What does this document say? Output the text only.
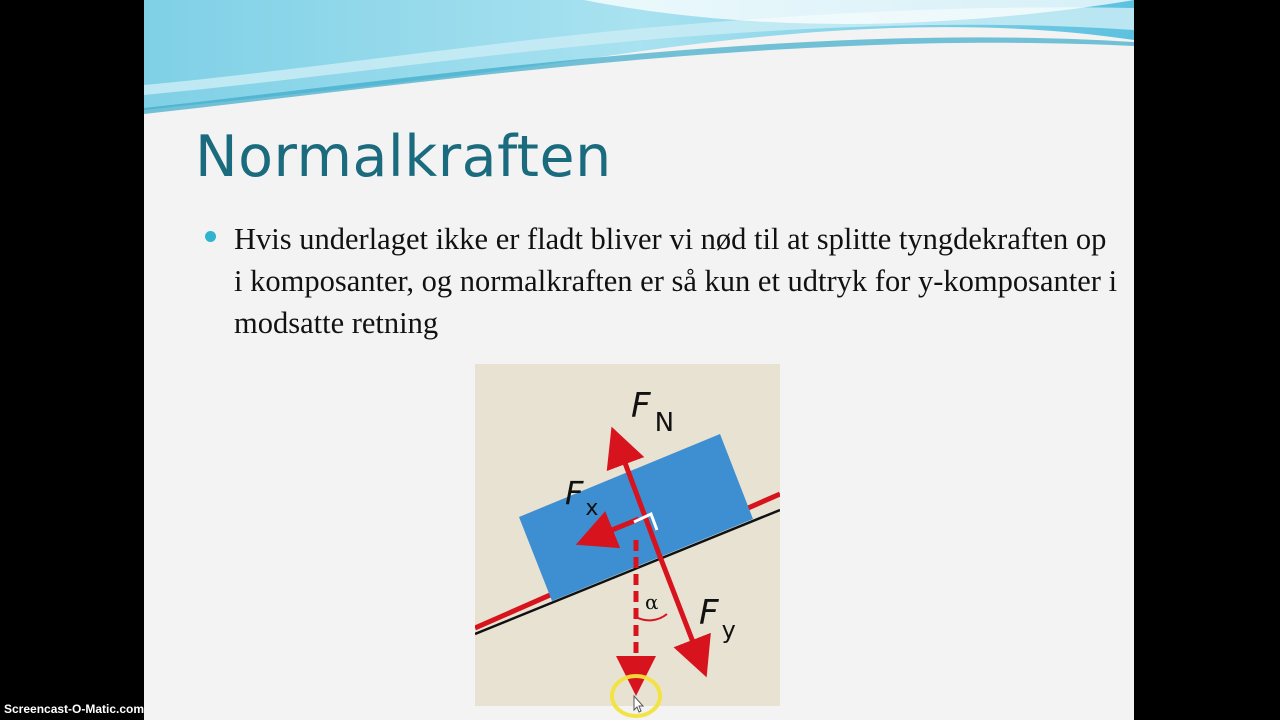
Normalkraften
Hvis underlaget ikke er fladt bliver vi nød til at splitte tyngdekraften op i komposanter, og normalkraften er så kun et udtryk for y-komposanter i modsatte retning
F $_N$
$F_x$
F $_y$
α
Screencast-O-Matic.com
